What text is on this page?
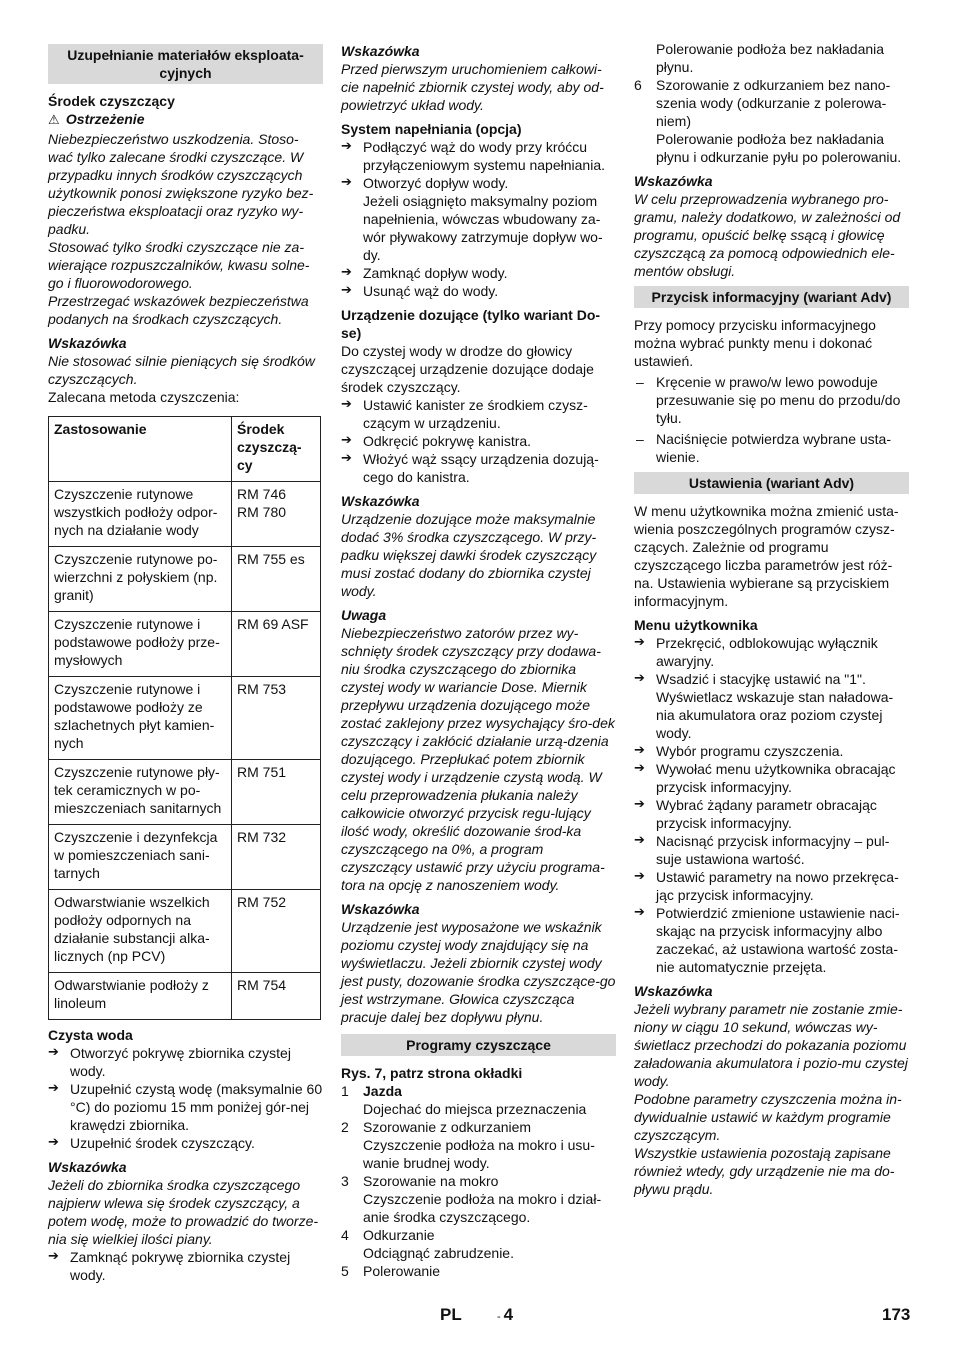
Uzupełnianie materiałów eksploata-cyjnych
Środek czyszczący
⚠ Ostrzeżenie
Niebezpieczeństwo uszkodzenia. Stoso-wać tylko zalecane środki czyszczące. W przypadku innych środków czyszczących użytkownik ponosi zwiększone ryzyko bez-pieczeństwa eksploatacji oraz ryzyko wy-padku.
Stosować tylko środki czyszczące nie za-wierające rozpuszczalników, kwasu solne-go i fluorowodorowego.
Przestrzegać wskazówek bezpieczeństwa podanych na środkach czyszczących.
Wskazówka
Nie stosować silnie pieniących się środków czyszczących.
Zalecana metoda czyszczenia:
Zastosowanie	Środek czyszczą-cy
Czyszczenie rutynowe wszystkich podłoży odpor-nych na działanie wody	RM 746
RM 780
Czyszczenie rutynowe po-wierzchni z połyskiem (np. granit)	RM 755 es
Czyszczenie rutynowe i podstawowe podłoży prze-mysłowych	RM 69 ASF
Czyszczenie rutynowe i podstawowe podłoży ze szlachetnych płyt kamien-nych	RM 753
Czyszczenie rutynowe pły-tek ceramicznych w po-mieszczeniach sanitarnych	RM 751
Czyszczenie i dezynfekcja w pomieszczeniach sani-tarnych	RM 732
Odwarstwianie wszelkich podłoży odpornych na działanie substancji alka-licznych (np PCV)	RM 752
Odwarstwianie podłoży z linoleum	RM 754
Czysta woda
➔ Otworzyć pokrywę zbiornika czystej wody.
➔ Uzupełnić czystą wodę (maksymalnie 60 °C) do poziomu 15 mm poniżej gór-nej krawędzi zbiornika.
➔ Uzupełnić środek czyszczący.
Wskazówka
Jeżeli do zbiornika środka czyszczącego najpierw wlewa się środek czyszczący, a potem wodę, może to prowadzić do tworze-nia się wielkiej ilości piany.
➔ Zamknąć pokrywę zbiornika czystej wody.
Wskazówka
Przed pierwszym uruchomieniem całkowi-cie napełnić zbiornik czystej wody, aby od-powietrzyć układ wody.
System napełniania (opcja)
➔ Podłączyć wąż do wody przy króćcu przyłączeniowym systemu napełniania.
➔ Otworzyć dopływ wody.
Jeżeli osiągnięto maksymalny poziom napełnienia, wówczas wbudowany za-wór pływakowy zatrzymuje dopływ wo-dy.
➔ Zamknąć dopływ wody.
➔ Usunąć wąż do wody.
Urządzenie dozujące (tylko wariant Do-se)
Do czystej wody w drodze do głowicy czyszczącej urządzenie dozujące dodaje środek czyszczący.
➔ Ustawić kanister ze środkiem czysz-czącym w urządzeniu.
➔ Odkręcić pokrywę kanistra.
➔ Włożyć wąż ssący urządzenia dozują-cego do kanistra.
Wskazówka
Urządzenie dozujące może maksymalnie dodać 3% środka czyszczącego. W przy-padku większej dawki środek czyszczący musi zostać dodany do zbiornika czystej wody.
Uwaga
Niebezpieczeństwo zatorów przez wy-schnięty środek czyszczący przy dodawa-niu środka czyszczącego do zbiornika czystej wody w wariancie Dose. Miernik przepływu urządzenia dozującego może zostać zaklejony przez wysychający śro-dek czyszczący i zakłócić działanie urzą-dzenia dozującego. Przepłukać potem zbiornik czystej wody i urządzenie czystą wodą. W celu przeprowadzenia płukania należy całkowicie otworzyć przycisk regu-lujący ilość wody, określić dozowanie środ-ka czyszczącego na 0%, a program czyszczący ustawić przy użyciu programa-tora na opcję z nanoszeniem wody.
Wskazówka
Urządzenie jest wyposażone we wskaźnik poziomu czystej wody znajdujący się na wyświetlaczu. Jeżeli zbiornik czystej wody jest pusty, dozowanie środka czyszczące-go jest wstrzymane. Głowica czyszcząca pracuje dalej bez dopływu płynu.
Programy czyszczące
Rys. 7, patrz strona okładki
1 Jazda
Dojechać do miejsca przeznaczenia
2 Szorowanie z odkurzaniem
Czyszczenie podłoża na mokro i usu-wanie brudnej wody.
3 Szorowanie na mokro
Czyszczenie podłoża na mokro i dział-anie środka czyszczącego.
4 Odkurzanie
Odciągnąć zabrudzenie.
5 Polerowanie
Polerowanie podłoża bez nakładania płynu.
6 Szorowanie z odkurzaniem bez nano-szenia wody (odkurzanie z polerowa-niem)
Polerowanie podłoża bez nakładania płynu i odkurzanie pyłu po polerowaniu.
Wskazówka
W celu przeprowadzenia wybranego pro-gramu, należy dodatkowo, w zależności od programu, opuścić belkę ssącą i głowicę czyszczącą za pomocą odpowiednich ele-mentów obsługi.
Przycisk informacyjny (wariant Adv)
Przy pomocy przycisku informacyjnego można wybrać punkty menu i dokonać ustawień.
– Kręcenie w prawo/w lewo powoduje przesuwanie się po menu do przodu/do tyłu.
– Naciśnięcie potwierdza wybrane usta-wienie.
Ustawienia (wariant Adv)
W menu użytkownika można zmienić usta-wienia poszczególnych programów czysz-czących. Zależnie od programu czyszczącego liczba parametrów jest róż-na. Ustawienia wybierane są przyciskiem informacyjnym.
Menu użytkownika
➔ Przekręcić, odblokowując wyłącznik awaryjny.
➔ Wsadzić i stacyjkę ustawić na "1".
Wyświetlacz wskazuje stan naładowa-nia akumulatora oraz poziom czystej wody.
➔ Wybór programu czyszczenia.
➔ Wywołać menu użytkownika obracając przycisk informacyjny.
➔ Wybrać żądany parametr obracając przycisk informacyjny.
➔ Nacisnąć przycisk informacyjny – pul-suje ustawiona wartość.
➔ Ustawić parametry na nowo przekręca-jąc przycisk informacyjny.
➔ Potwierdzić zmienione ustawienie naci-skając na przycisk informacyjny albo zaczekać, aż ustawiona wartość zosta-nie automatycznie przejęta.
Wskazówka
Jeżeli wybrany parametr nie zostanie zmie-niony w ciągu 10 sekund, wówczas wy-świetlacz przechodzi do pokazania poziomu załadowania akumulatora i pozio-mu czystej wody.
Podobne parametry czyszczenia można in-dywidualnie ustawić w każdym programie czyszczącym.
Wszystkie ustawienia pozostają zapisane również wtedy, gdy urządzenie nie ma do-pływu prądu.
PL	- 4	173
